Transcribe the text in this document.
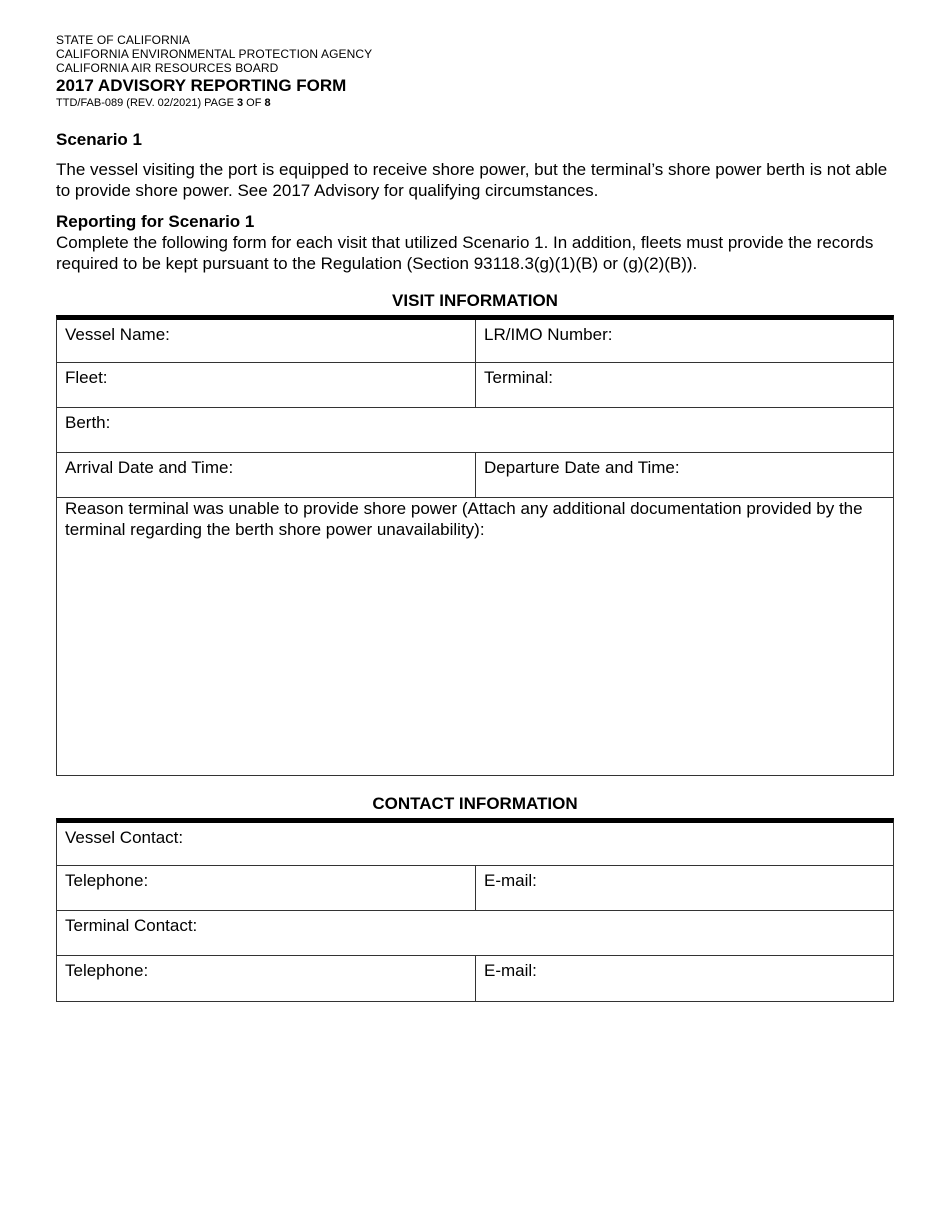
STATE OF CALIFORNIA
CALIFORNIA ENVIRONMENTAL PROTECTION AGENCY
CALIFORNIA AIR RESOURCES BOARD
2017 ADVISORY REPORTING FORM
TTD/FAB-089 (REV. 02/2021) PAGE 3 OF 8
Scenario 1
The vessel visiting the port is equipped to receive shore power, but the terminal’s shore power berth is not able to provide shore power. See 2017 Advisory for qualifying circumstances.
Reporting for Scenario 1
Complete the following form for each visit that utilized Scenario 1. In addition, fleets must provide the records required to be kept pursuant to the Regulation (Section 93118.3(g)(1)(B) or (g)(2)(B)).
VISIT INFORMATION
Vessel Name:	LR/IMO Number:
Fleet:	Terminal:
Berth:
Arrival Date and Time:	Departure Date and Time:
Reason terminal was unable to provide shore power (Attach any additional documentation provided by the terminal regarding the berth shore power unavailability):
CONTACT INFORMATION
Vessel Contact:
Telephone:	E-mail:
Terminal Contact:
Telephone:	E-mail:
